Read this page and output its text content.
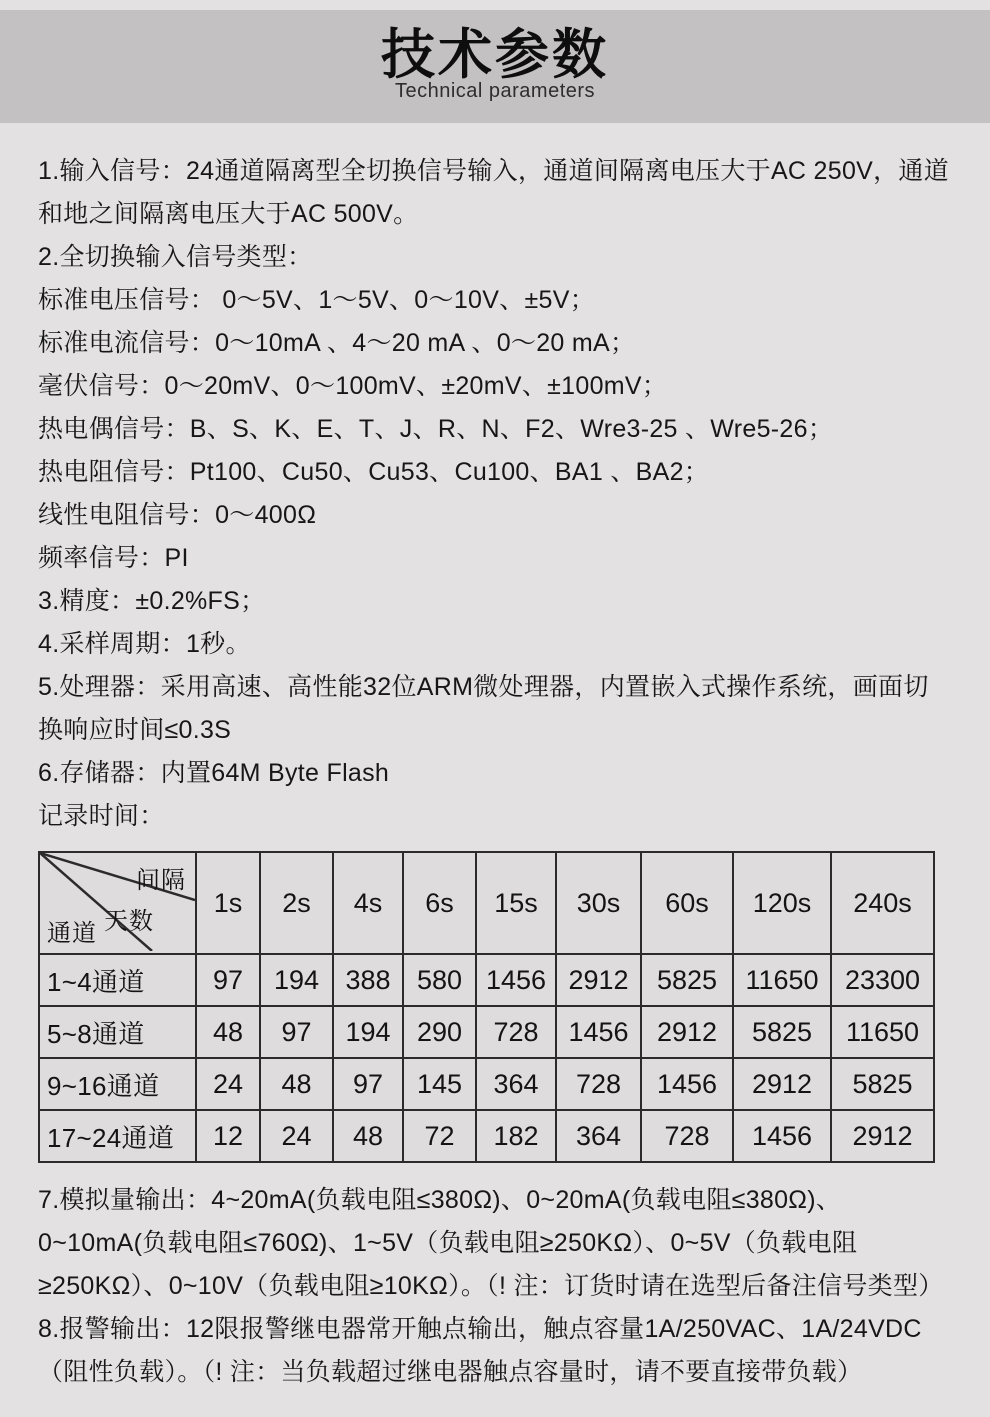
技术参数
Technical parameters

1.输入信号：24通道隔离型全切换信号输入，通道间隔离电压大于AC 250V，通道和地之间隔离电压大于AC 500V。

2.全切换输入信号类型：

标准电压信号： 0～5V、1～5V、0～10V、±5V；

标准电流信号：0～10mA 、4～20 mA 、0～20 mA；

毫伏信号：0～20mV、0～100mV、±20mV、±100mV；

热电偶信号：B、S、K、E、T、J、R、N、F2、Wre3-25 、Wre5-26；

热电阻信号：Pt100、Cu50、Cu53、Cu100、BA1 、BA2；

线性电阻信号：0～400Ω

频率信号：PI

3.精度：±0.2%FS；

4.采样周期：1秒。

5.处理器：采用高速、高性能32位ARM微处理器，内置嵌入式操作系统，画面切换响应时间≤0.3S

6.存储器：内置64M Byte Flash

记录时间：

间隔
天数
通道	1s	2s	4s	6s	15s	30s	60s	120s	240s
1~4通道	97	194	388	580	1456	2912	5825	11650	23300
5~8通道	48	97	194	290	728	1456	2912	5825	11650
9~16通道	24	48	97	145	364	728	1456	2912	5825
17~24通道	12	24	48	72	182	364	728	1456	2912

7.模拟量输出：4~20mA(负载电阻≤380Ω)、0~20mA(负载电阻≤380Ω)、0~10mA(负载电阻≤760Ω)、1~5V（负载电阻≥250KΩ）、0~5V（负载电阻≥250KΩ）、0~10V（负载电阻≥10KΩ）。（! 注：订货时请在选型后备注信号类型）

8.报警输出：12限报警继电器常开触点输出，触点容量1A/250VAC、1A/24VDC （阻性负载）。（! 注：当负载超过继电器触点容量时，请不要直接带负载）
